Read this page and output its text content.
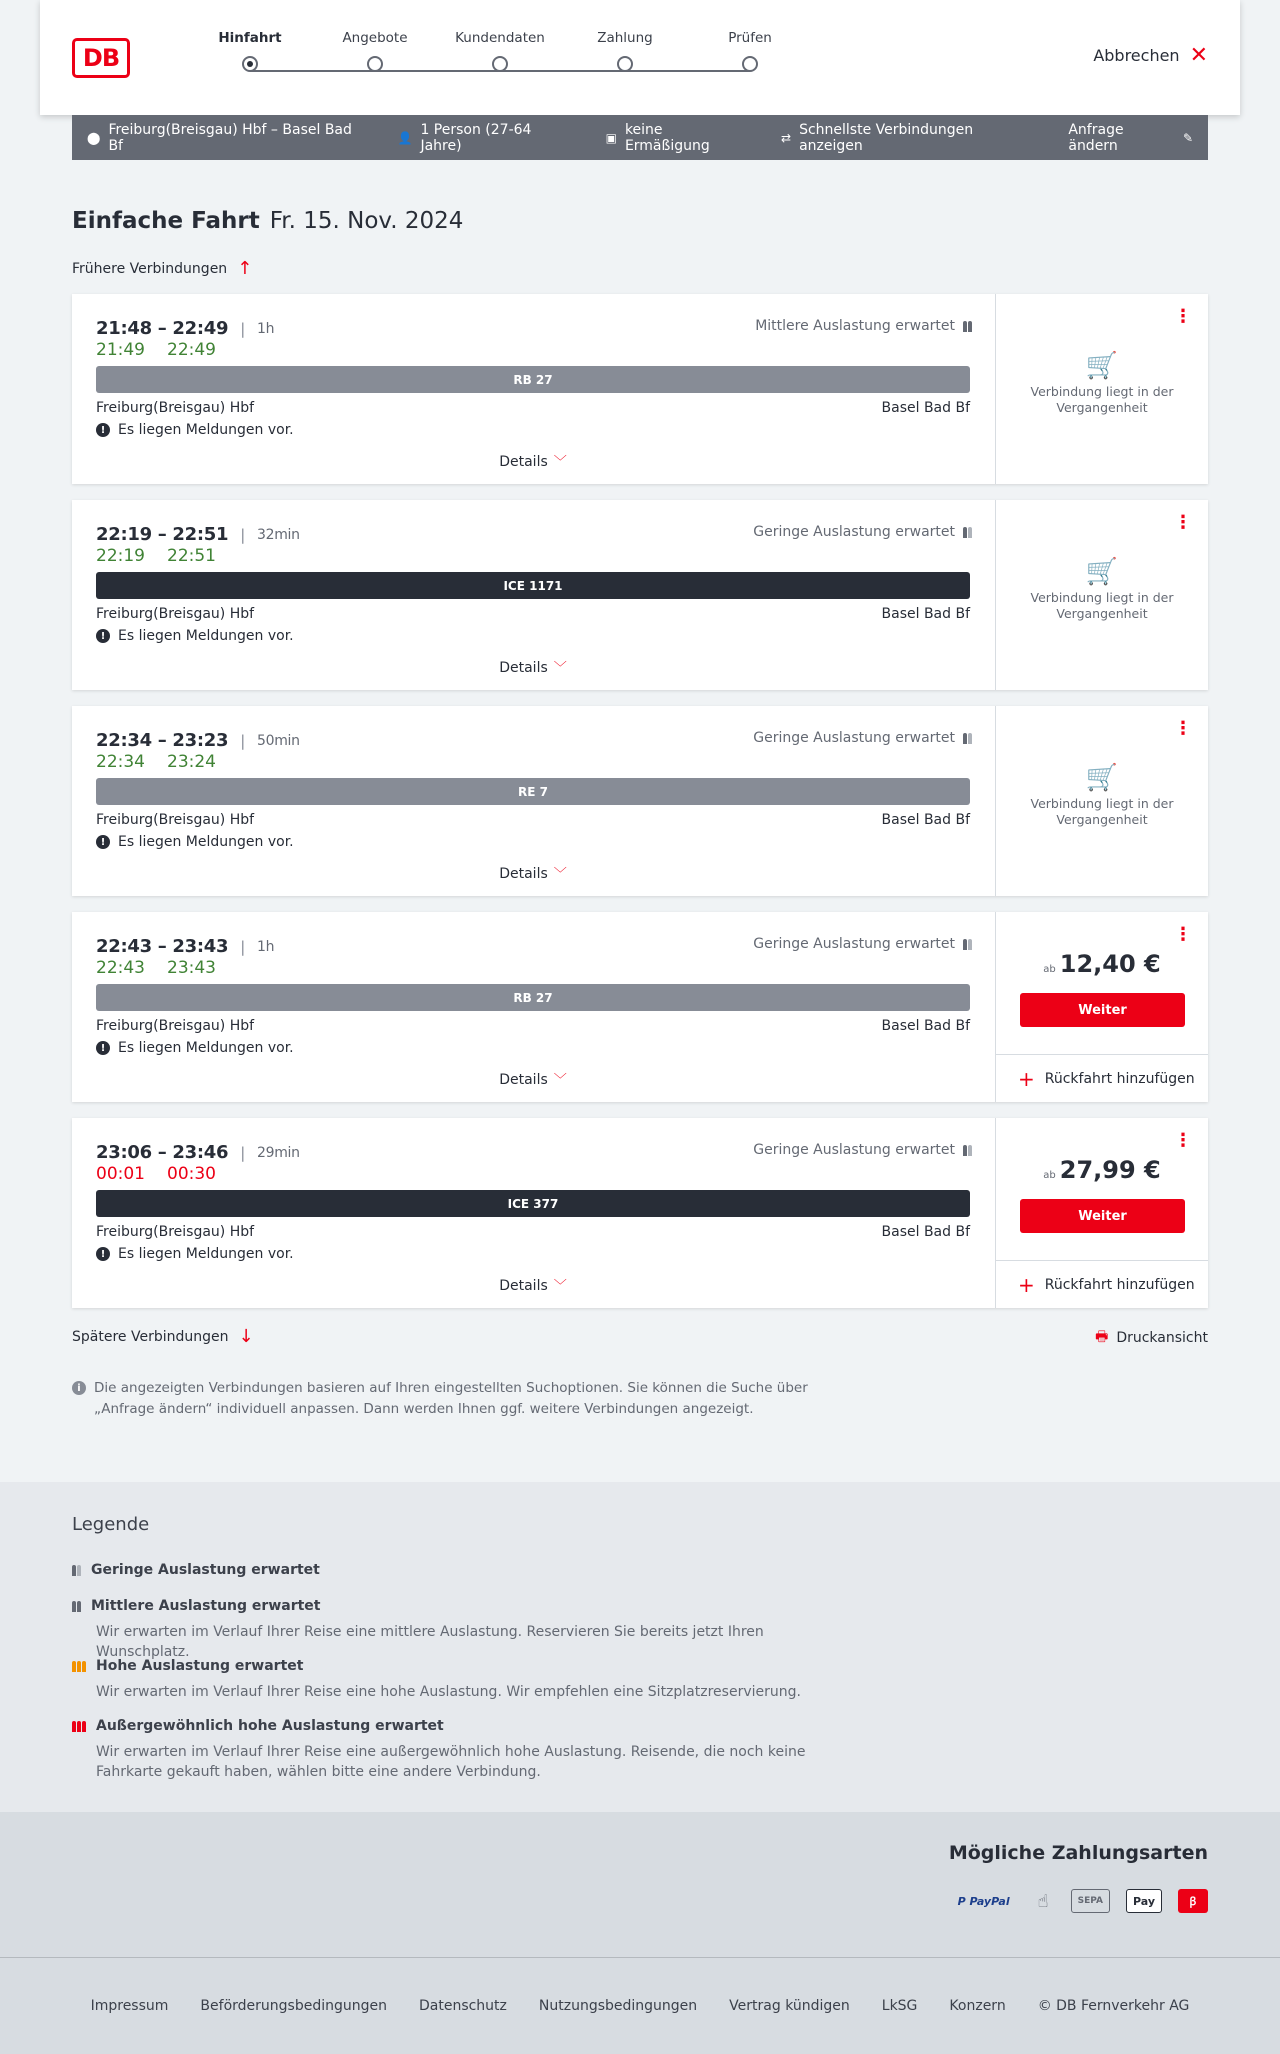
DB
Hinfahrt	Angebote	Kundendaten	Zahlung	Prüfen
Abbrechen ✕
⬤ Freiburg(Breisgau) Hbf – Basel Bad Bf	👤 1 Person (27-64 Jahre)	▣ keine Ermäßigung	⇄ Schnellste Verbindungen anzeigen
Anfrage ändern	✎
Einfache Fahrt Fr. 15. Nov. 2024
Frühere Verbindungen ↑
21:48 – 22:49 | 1h
21:49 22:49
Mittlere Auslastung erwartet
RB 27
Freiburg(Breisgau) Hbf	Basel Bad Bf
! Es liegen Meldungen vor.
Details ﹀
⋮
🛒
Verbindung liegt in der Vergangenheit
22:19 – 22:51 | 32min
22:19 22:51
Geringe Auslastung erwartet
ICE 1171
Freiburg(Breisgau) Hbf	Basel Bad Bf
! Es liegen Meldungen vor.
Details ﹀
⋮
🛒
Verbindung liegt in der Vergangenheit
22:34 – 23:23 | 50min
22:34 23:24
Geringe Auslastung erwartet
RE 7
Freiburg(Breisgau) Hbf	Basel Bad Bf
! Es liegen Meldungen vor.
Details ﹀
⋮
🛒
Verbindung liegt in der Vergangenheit
22:43 – 23:43 | 1h
22:43 23:43
Geringe Auslastung erwartet
RB 27
Freiburg(Breisgau) Hbf	Basel Bad Bf
! Es liegen Meldungen vor.
Details ﹀
⋮
ab 12,40 €
Weiter
+ Rückfahrt hinzufügen
23:06 – 23:46 | 29min
00:01 00:30
Geringe Auslastung erwartet
ICE 377
Freiburg(Breisgau) Hbf	Basel Bad Bf
! Es liegen Meldungen vor.
Details ﹀
⋮
ab 27,99 €
Weiter
+ Rückfahrt hinzufügen
Spätere Verbindungen ↓	🖶 Druckansicht
i Die angezeigten Verbindungen basieren auf Ihren eingestellten Suchoptionen. Sie können die Suche über „Anfrage ändern“ individuell anpassen. Dann werden Ihnen ggf. weitere Verbindungen angezeigt.
Legende
Geringe Auslastung erwartet
Mittlere Auslastung erwartet
Wir erwarten im Verlauf Ihrer Reise eine mittlere Auslastung. Reservieren Sie bereits jetzt Ihren Wunschplatz.
Hohe Auslastung erwartet
Wir erwarten im Verlauf Ihrer Reise eine hohe Auslastung. Wir empfehlen eine Sitzplatzreservierung.
Außergewöhnlich hohe Auslastung erwartet
Wir erwarten im Verlauf Ihrer Reise eine außergewöhnlich hohe Auslastung. Reisende, die noch keine Fahrkarte gekauft haben, wählen bitte eine andere Verbindung.
Mögliche Zahlungsarten
P PayPal	☝	SEPA	Pay	ꞵ
Impressum Beförderungsbedingungen Datenschutz Nutzungsbedingungen Vertrag kündigen LkSG Konzern © DB Fernverkehr AG
